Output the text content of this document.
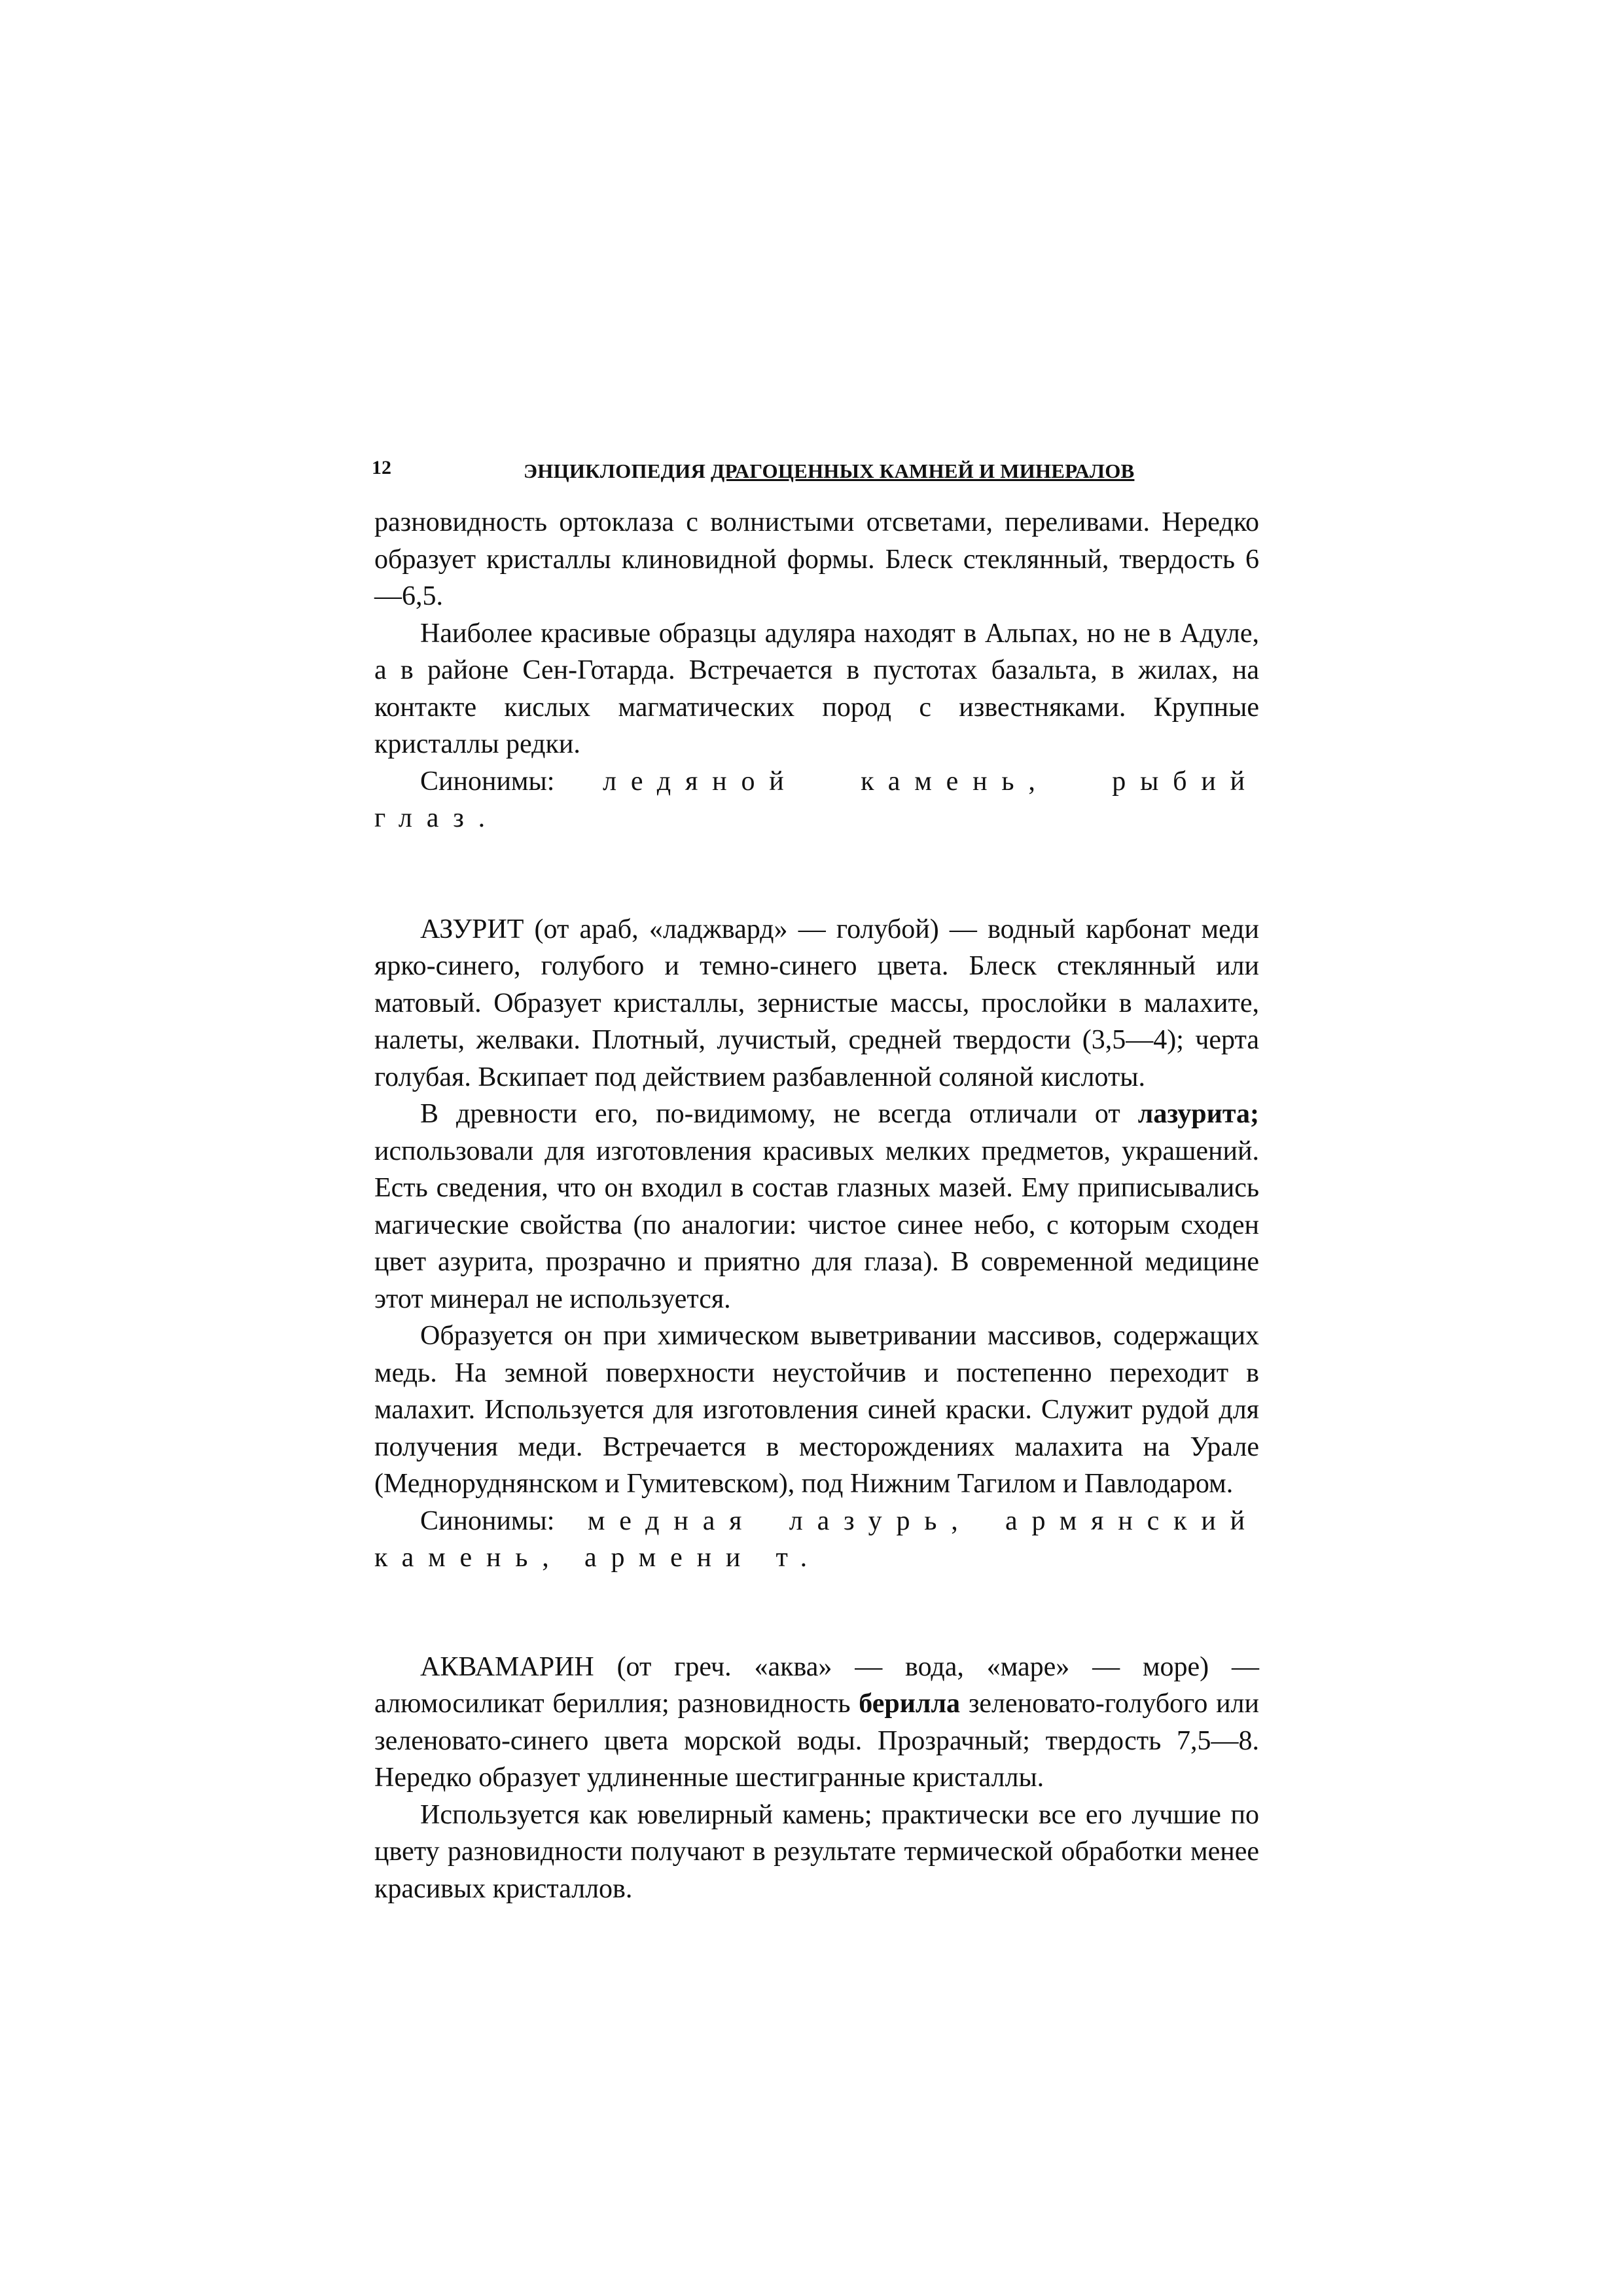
12	ЭНЦИКЛОПЕДИЯ ДРАГОЦЕННЫХ КАМНЕЙ И МИНЕРАЛОВ

разновидность ортоклаза с волнистыми отсветами, переливами. Нередко образует кристаллы клиновидной формы. Блеск стеклянный, твердость 6—6,5.

Наиболее красивые образцы адуляра находят в Альпах, но не в Адуле, а в районе Сен-Готарда. Встречается в пустотах базальта, в жилах, на контакте кислых магматических пород с известняками. Крупные кристаллы редки.

Синонимы: ледяной камень, рыбий глаз.

АЗУРИТ (от араб, «ладжвард» — голубой) — водный карбонат меди ярко-синего, голубого и темно-синего цвета. Блеск стеклянный или матовый. Образует кристаллы, зернистые массы, прослойки в малахите, налеты, желваки. Плотный, лучистый, средней твердости (3,5—4); черта голубая. Вскипает под действием разбавленной соляной кислоты.

В древности его, по-видимому, не всегда отличали от лазурита; использовали для изготовления красивых мелких предметов, украшений. Есть сведения, что он входил в состав глазных мазей. Ему приписывались магические свойства (по аналогии: чистое синее небо, с которым сходен цвет азурита, прозрачно и приятно для глаза). В современной медицине этот минерал не используется.

Образуется он при химическом выветривании массивов, содержащих медь. На земной поверхности неустойчив и постепенно переходит в малахит. Используется для изготовления синей краски. Служит рудой для получения меди. Встречается в месторождениях малахита на Урале (Медноруднянском и Гумитевском), под Нижним Тагилом и Павлодаром.

Синонимы: медная лазурь, армянский

камень, армени т.

АКВАМАРИН (от греч. «аква» — вода, «маре» — море) — алюмосиликат бериллия; разновидность берилла зеленовато-голубого или зеленовато-синего цвета морской воды. Прозрачный; твердость 7,5—8. Нередко образует удлиненные шестигранные кристаллы.

Используется как ювелирный камень; практически все его лучшие по цвету разновидности получают в результате термической обработки менее красивых кристаллов.
